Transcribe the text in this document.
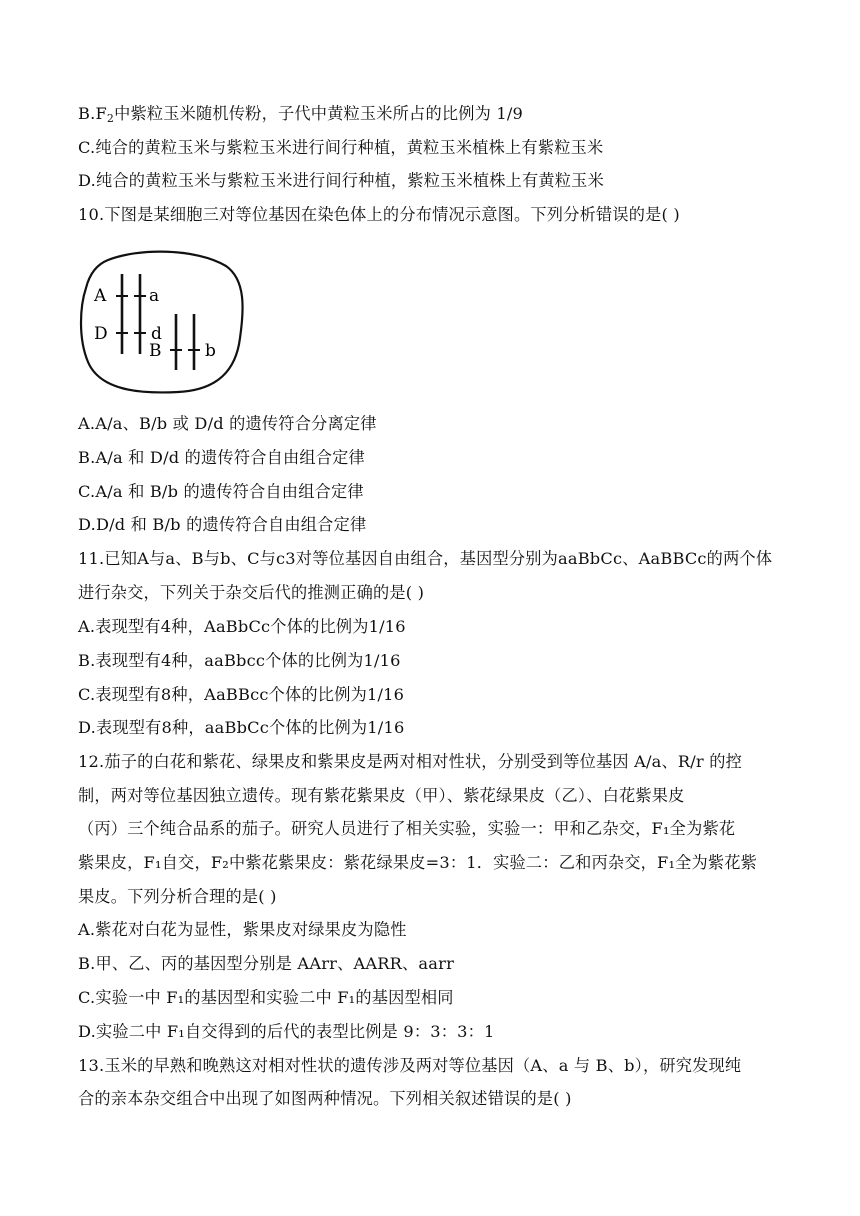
$B.F_2$中紫粒玉米随机传粉，子代中黄粒玉米所占的比例为 1/9
C.纯合的黄粒玉米与紫粒玉米进行间行种植，黄粒玉米植株上有紫粒玉米
D.纯合的黄粒玉米与紫粒玉米进行间行种植，紫粒玉米植株上有黄粒玉米
10.下图是某细胞三对等位基因在染色体上的分布情况示意图。下列分析错误的是( )
A	a
D	d
B	b
A.A/a、B/b 或 D/d 的遗传符合分离定律
B.A/a 和 D/d 的遗传符合自由组合定律
C.A/a 和 B/b 的遗传符合自由组合定律
D.D/d 和 B/b 的遗传符合自由组合定律
11.已知A与a、B与b、C与c3对等位基因自由组合，基因型分别为aaBbCc、AaBBCc的两个体
进行杂交，下列关于杂交后代的推测正确的是( )
A.表现型有4种，AaBbCc个体的比例为1/16
B.表现型有4种，aaBbcc个体的比例为1/16
C.表现型有8种，AaBBcc个体的比例为1/16
D.表现型有8种，aaBbCc个体的比例为1/16
12.茄子的白花和紫花、绿果皮和紫果皮是两对相对性状，分别受到等位基因 A/a、R/r 的控
制，两对等位基因独立遗传。现有紫花紫果皮（甲）、紫花绿果皮（乙）、白花紫果皮
（丙）三个纯合品系的茄子。研究人员进行了相关实验，实验一：甲和乙杂交，F₁全为紫花
紫果皮，F₁自交，F₂中紫花紫果皮：紫花绿果皮=3：1．实验二：乙和丙杂交，F₁全为紫花紫
果皮。下列分析合理的是( )
A.紫花对白花为显性，紫果皮对绿果皮为隐性
B.甲、乙、丙的基因型分别是 AArr、AARR、aarr
C.实验一中 F₁的基因型和实验二中 F₁的基因型相同
D.实验二中 F₁自交得到的后代的表型比例是 9：3：3：1
13.玉米的早熟和晚熟这对相对性状的遗传涉及两对等位基因（A、a 与 B、b），研究发现纯
合的亲本杂交组合中出现了如图两种情况。下列相关叙述错误的是( )
